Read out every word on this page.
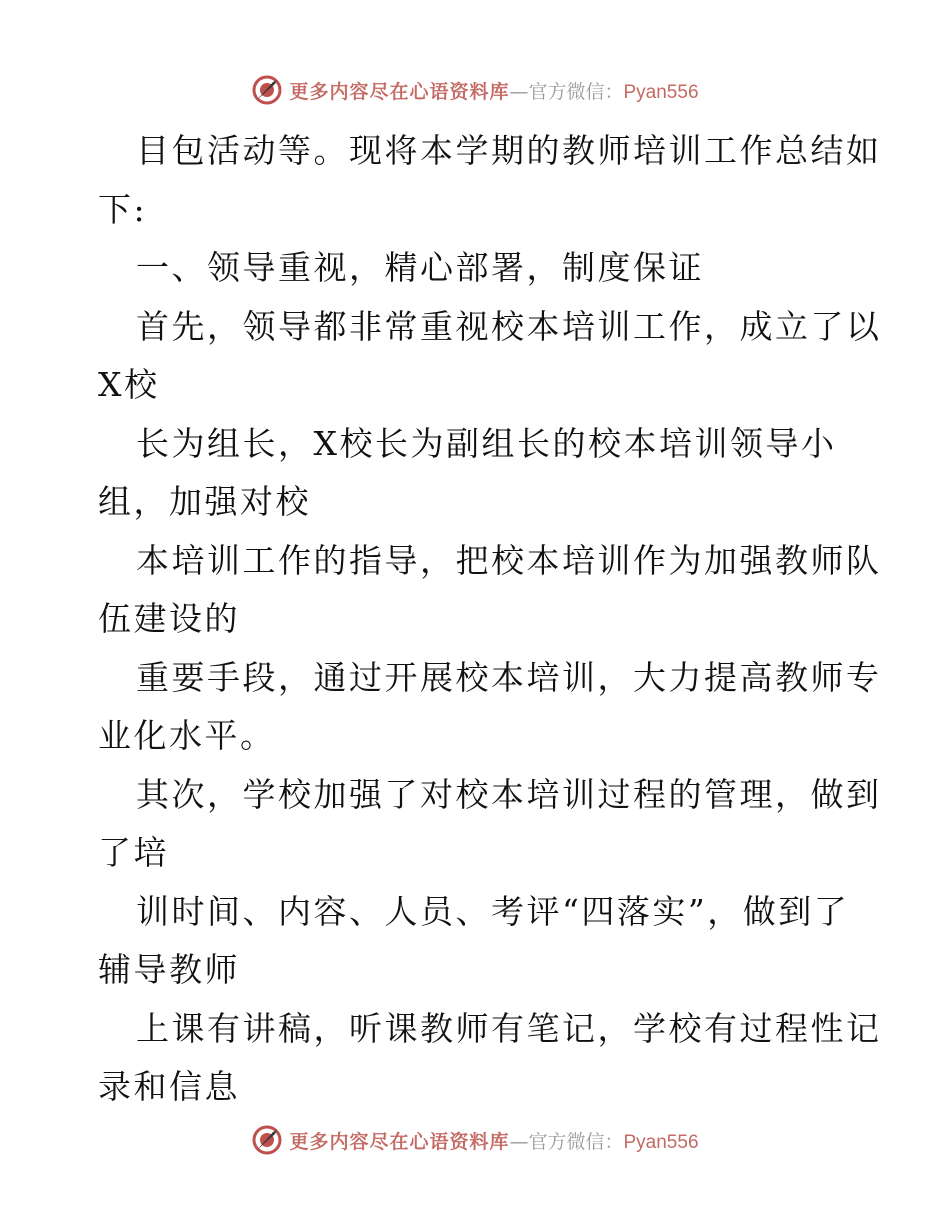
更多内容尽在心语资料库 — 官方微信： Pyan556
目包活动等。现将本学期的教师培训工作总结如
下:
一、领导重视，精心部署，制度保证
首先，领导都非常重视校本培训工作，成立了以
X校
长为组长，X校长为副组长的校本培训领导小
组，加强对校
本培训工作的指导，把校本培训作为加强教师队
伍建设的
重要手段，通过开展校本培训，大力提高教师专
业化水平。
其次，学校加强了对校本培训过程的管理，做到
了培
训时间、内容、人员、考评“四落实”，做到了
辅导教师
上课有讲稿，听课教师有笔记，学校有过程性记
录和信息
更多内容尽在心语资料库 — 官方微信： Pyan556
